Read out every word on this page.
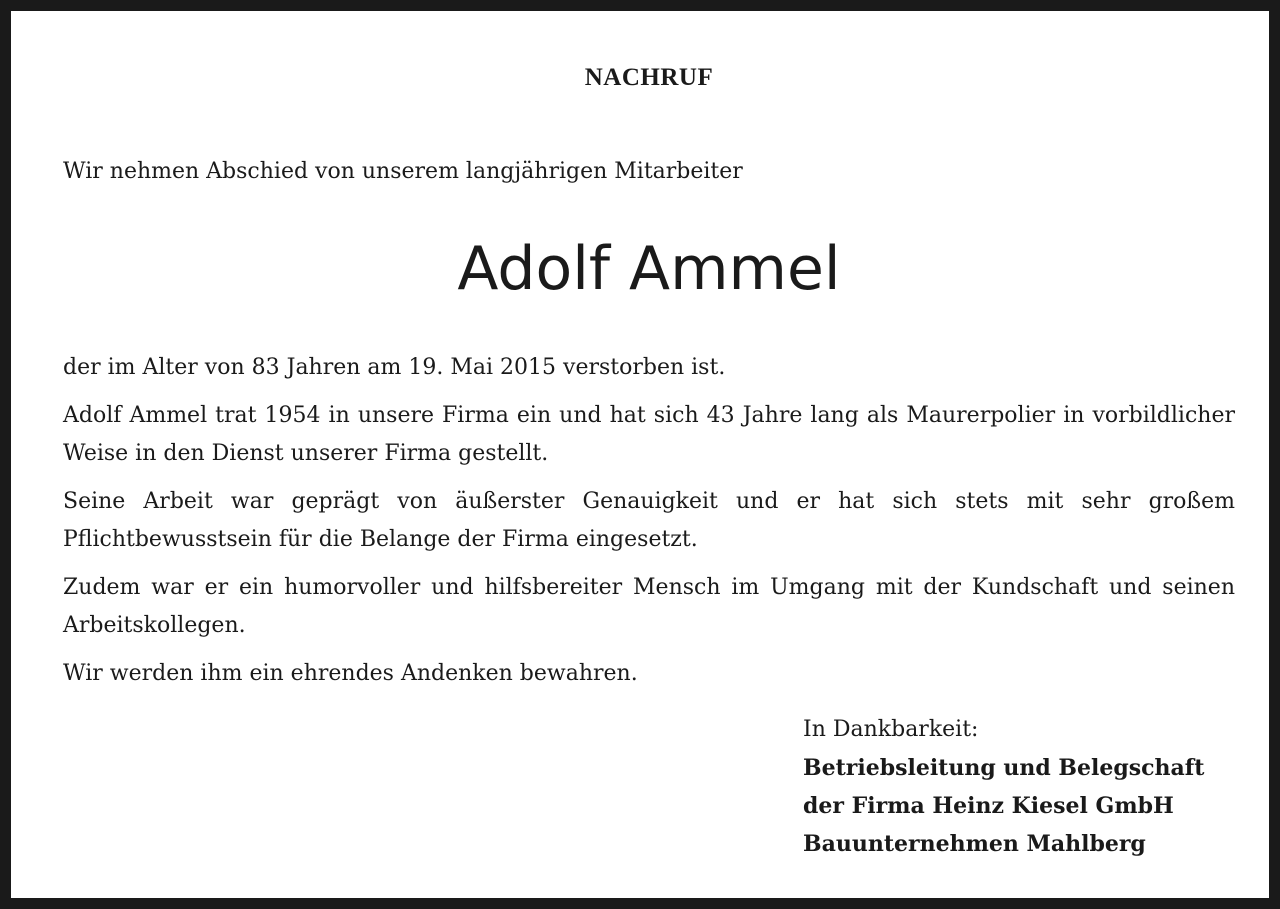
NACHRUF

Wir nehmen Abschied von unserem langjährigen Mitarbeiter

Adolf Ammel

der im Alter von 83 Jahren am 19. Mai 2015 verstorben ist.

Adolf Ammel trat 1954 in unsere Firma ein und hat sich 43 Jahre lang als Maurerpolier in vorbildlicher Weise in den Dienst unserer Firma gestellt.

Seine Arbeit war geprägt von äußerster Genauigkeit und er hat sich stets mit sehr großem Pflichtbewusstsein für die Belange der Firma eingesetzt.

Zudem war er ein humorvoller und hilfsbereiter Mensch im Umgang mit der Kundschaft und seinen Arbeitskollegen.

Wir werden ihm ein ehrendes Andenken bewahren.

In Dankbarkeit:

Betriebsleitung und Belegschaft

der Firma Heinz Kiesel GmbH

Bauunternehmen Mahlberg
